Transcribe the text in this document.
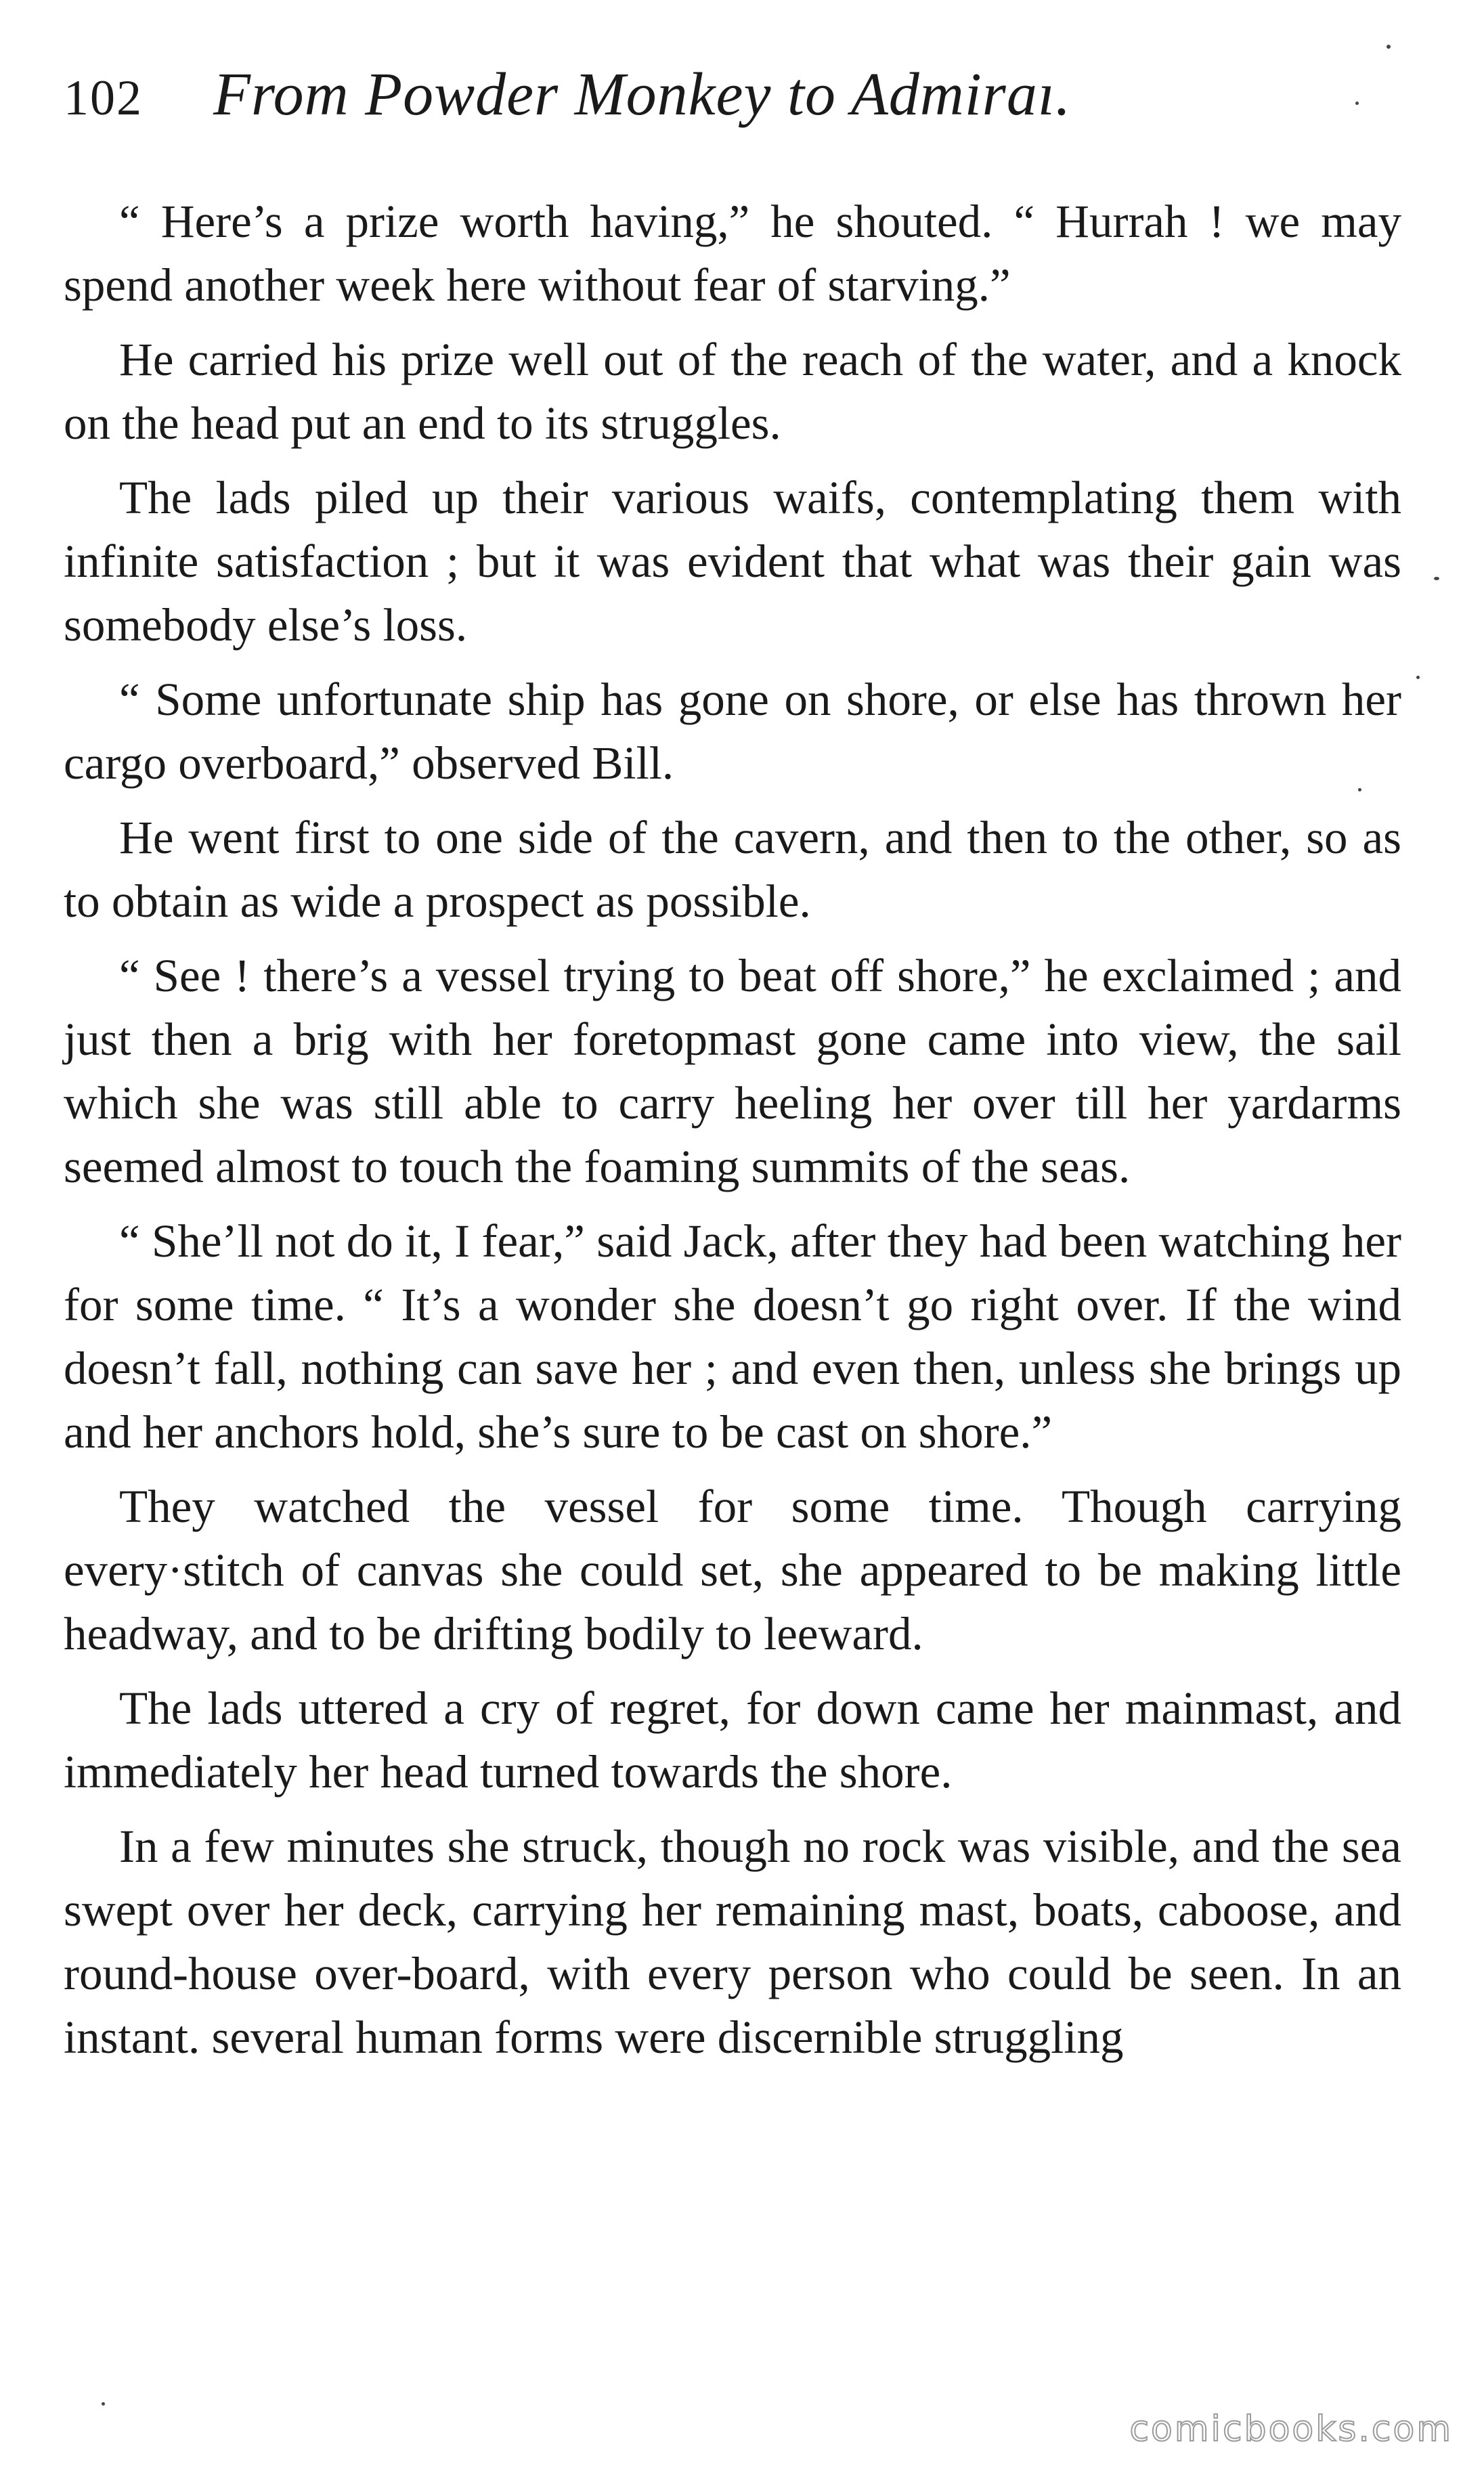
102 From Powder Monkey to Admiraı.

“ Here’s a prize worth having,” he shouted. “ Hurrah ! we may spend another week here without fear of starving.”

He carried his prize well out of the reach of the water, and a knock on the head put an end to its struggles.

The lads piled up their various waifs, contemplating them with infinite satisfaction ; but it was evident that what was their gain was somebody else’s loss.

“ Some unfortunate ship has gone on shore, or else has thrown her cargo overboard,” observed Bill.

He went first to one side of the cavern, and then to the other, so as to obtain as wide a prospect as possible.

“ See ! there’s a vessel trying to beat off shore,” he exclaimed ; and just then a brig with her foretopmast gone came into view, the sail which she was still able to carry heeling her over till her yardarms seemed almost to touch the foaming summits of the seas.

“ She’ll not do it, I fear,” said Jack, after they had been watching her for some time. “ It’s a wonder she doesn’t go right over. If the wind doesn’t fall, nothing can save her ; and even then, unless she brings up and her anchors hold, she’s sure to be cast on shore.”

They watched the vessel for some time. Though carrying every·stitch of canvas she could set, she appeared to be making little headway, and to be drifting bodily to leeward.

The lads uttered a cry of regret, for down came her mainmast, and immediately her head turned towards the shore.

In a few minutes she struck, though no rock was visible, and the sea swept over her deck, carrying her remaining mast, boats, caboose, and round-house over-board, with every person who could be seen. In an instant. several human forms were discernible struggling

comicbooks.com
